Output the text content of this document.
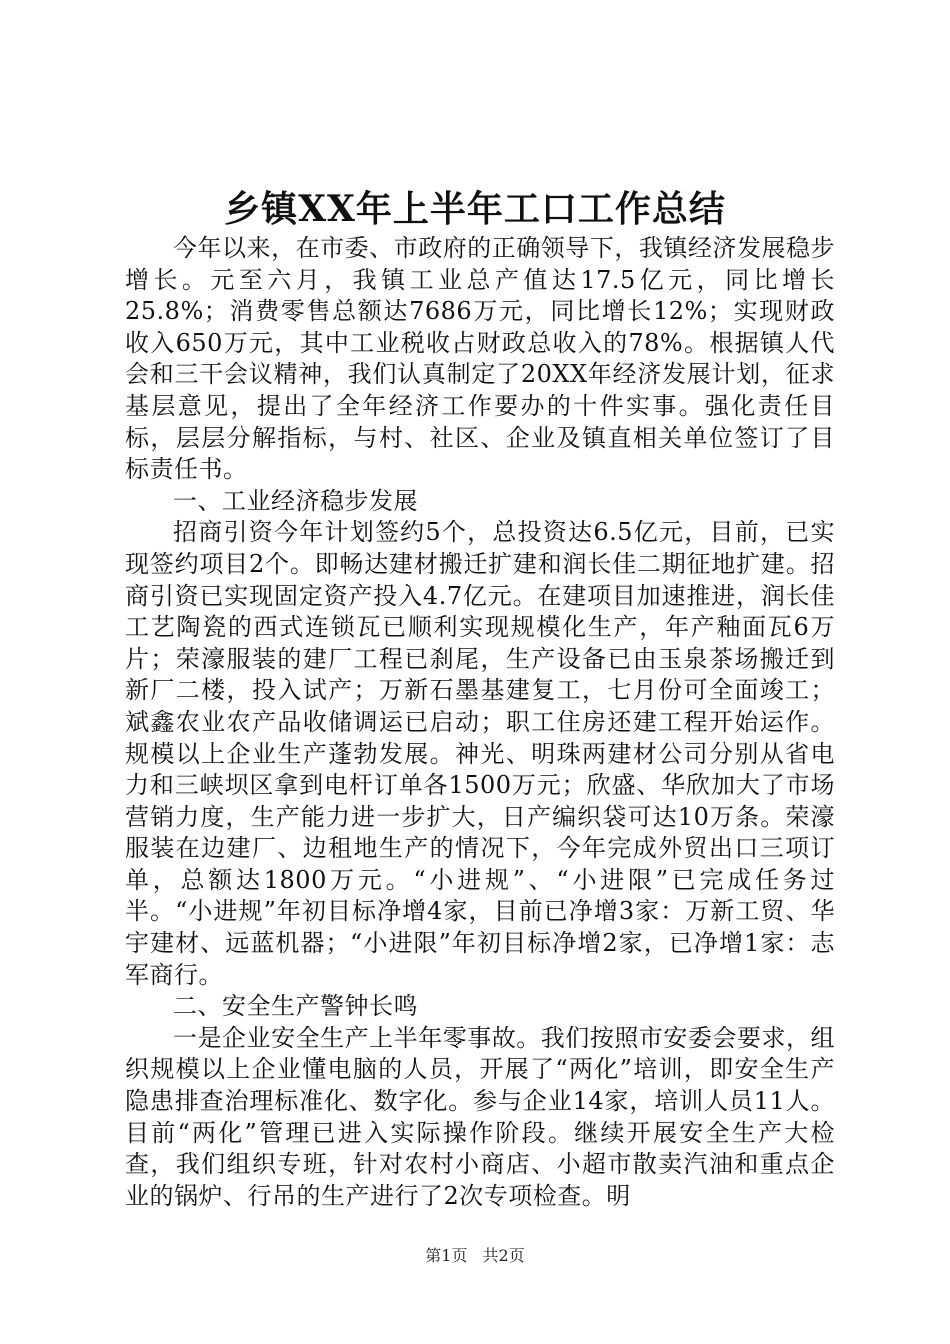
乡镇XX年上半年工口工作总结

今年以来，在市委、市政府的正确领导下，我镇经济发展稳步增长。元至六月，我镇工业总产值达17.5亿元，同比增长25.8%；消费零售总额达7686万元，同比增长12%；实现财政收入650万元，其中工业税收占财政总收入的78%。根据镇人代会和三干会议精神，我们认真制定了20XX年经济发展计划，征求基层意见，提出了全年经济工作要办的十件实事。强化责任目标，层层分解指标，与村、社区、企业及镇直相关单位签订了目标责任书。

一、工业经济稳步发展

招商引资今年计划签约5个，总投资达6.5亿元，目前，已实现签约项目2个。即畅达建材搬迁扩建和润长佳二期征地扩建。招商引资已实现固定资产投入4.7亿元。在建项目加速推进，润长佳工艺陶瓷的西式连锁瓦已顺利实现规模化生产，年产釉面瓦6万片；荣濠服装的建厂工程已刹尾，生产设备已由玉泉茶场搬迁到新厂二楼，投入试产；万新石墨基建复工，七月份可全面竣工；斌鑫农业农产品收储调运已启动；职工住房还建工程开始运作。规模以上企业生产蓬勃发展。神光、明珠两建材公司分别从省电力和三峡坝区拿到电杆订单各1500万元；欣盛、华欣加大了市场营销力度，生产能力进一步扩大，日产编织袋可达10万条。荣濠服装在边建厂、边租地生产的情况下，今年完成外贸出口三项订单，总额达1800万元。“小进规”、“小进限”已完成任务过半。“小进规”年初目标净增4家，目前已净增3家：万新工贸、华宇建材、远蓝机器；“小进限”年初目标净增2家，已净增1家：志军商行。

二、安全生产警钟长鸣

一是企业安全生产上半年零事故。我们按照市安委会要求，组织规模以上企业懂电脑的人员，开展了“两化”培训，即安全生产隐患排查治理标准化、数字化。参与企业14家，培训人员11人。目前“两化”管理已进入实际操作阶段。继续开展安全生产大检查，我们组织专班，针对农村小商店、小超市散卖汽油和重点企业的锅炉、行吊的生产进行了2次专项检查。明

第1页 共2页
